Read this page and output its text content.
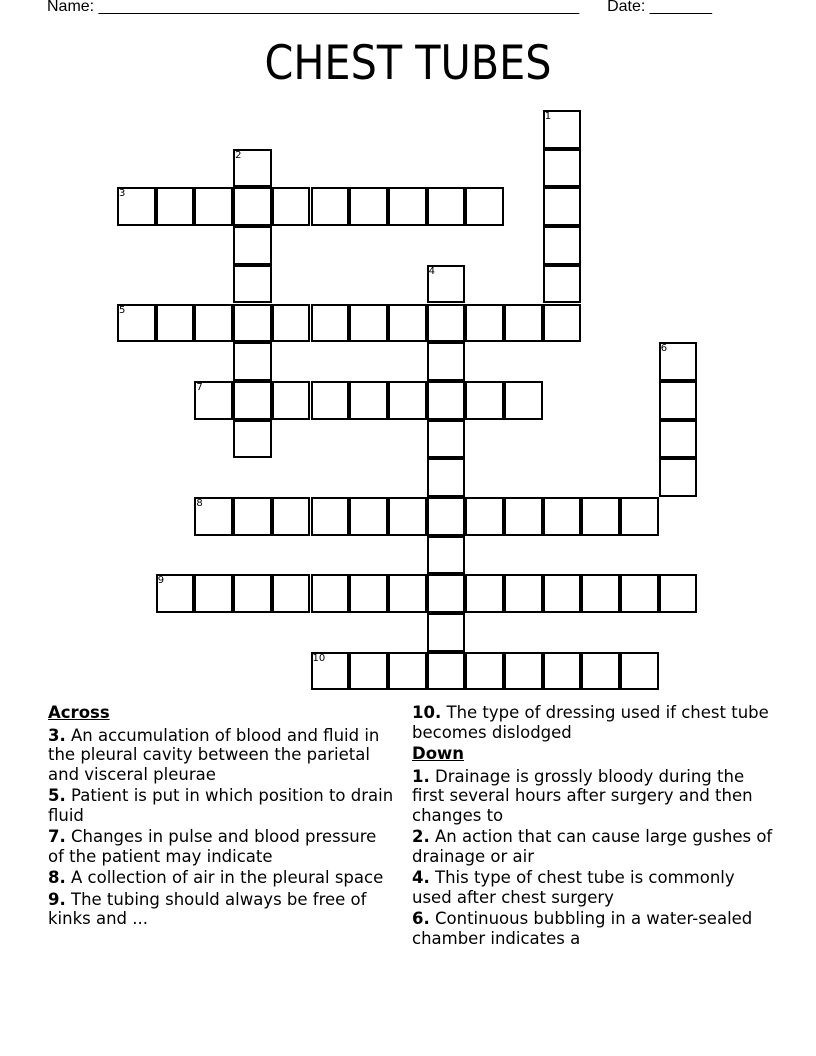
Name: ______________________________________________________ Date: _______
CHEST TUBES
1
2
3
4
5
6
7
8
9
10
Across
3. An accumulation of blood and fluid in the pleural cavity between the parietal and visceral pleurae
5. Patient is put in which position to drain fluid
7. Changes in pulse and blood pressure of the patient may indicate
8. A collection of air in the pleural space
9. The tubing should always be free of kinks and ...
10. The type of dressing used if chest tube becomes dislodged
Down
1. Drainage is grossly bloody during the first several hours after surgery and then changes to
2. An action that can cause large gushes of drainage or air
4. This type of chest tube is commonly used after chest surgery
6. Continuous bubbling in a water-sealed chamber indicates a
